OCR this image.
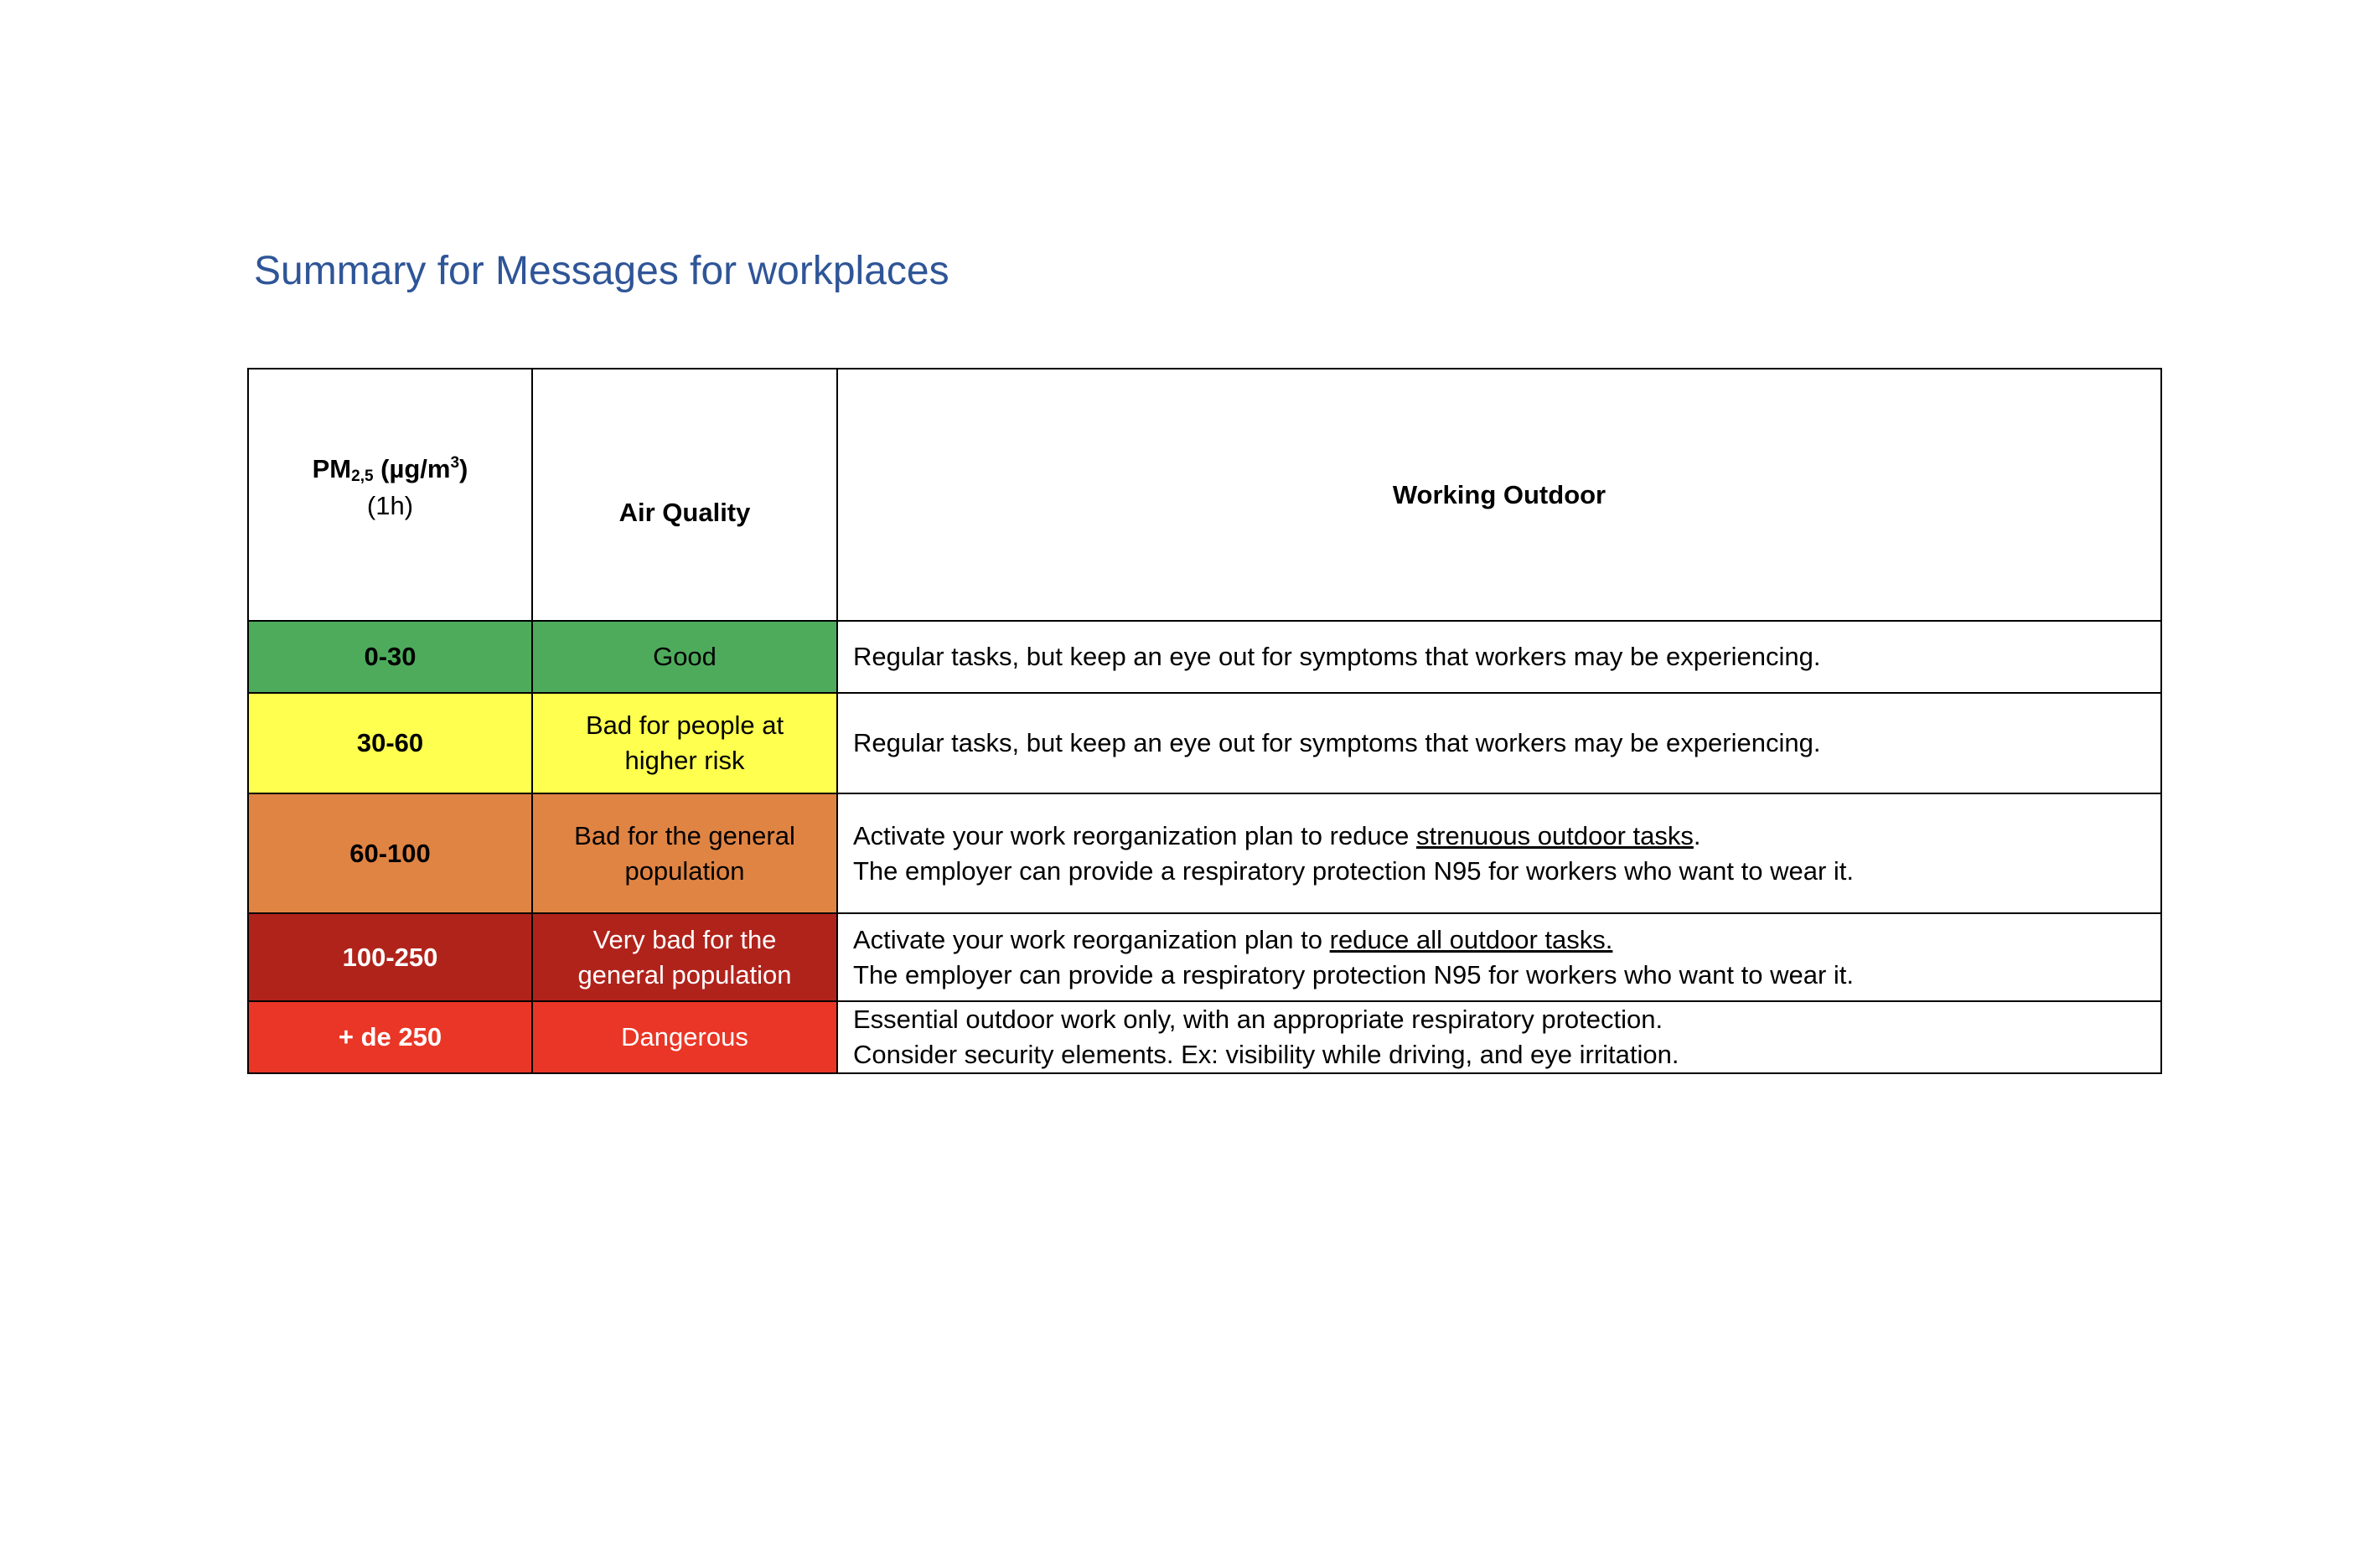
Summary for Messages for workplaces
$PM_{2,5}$ $(\mu g/m^3)$
(1h)	Air Quality	Working Outdoor

0-30	Good	Regular tasks, but keep an eye out for symptoms that workers may be experiencing.

30-60	Bad for people at higher risk	Regular tasks, but keep an eye out for symptoms that workers may be experiencing.

60-100	Bad for the general population	Activate your work reorganization plan to reduce strenuous outdoor tasks.
The employer can provide a respiratory protection N95 for workers who want to wear it.

100-250	Very bad for the general population	Activate your work reorganization plan to reduce all outdoor tasks.
The employer can provide a respiratory protection N95 for workers who want to wear it.

+ de 250	Dangerous	Essential outdoor work only, with an appropriate respiratory protection.
Consider security elements. Ex: visibility while driving, and eye irritation.
